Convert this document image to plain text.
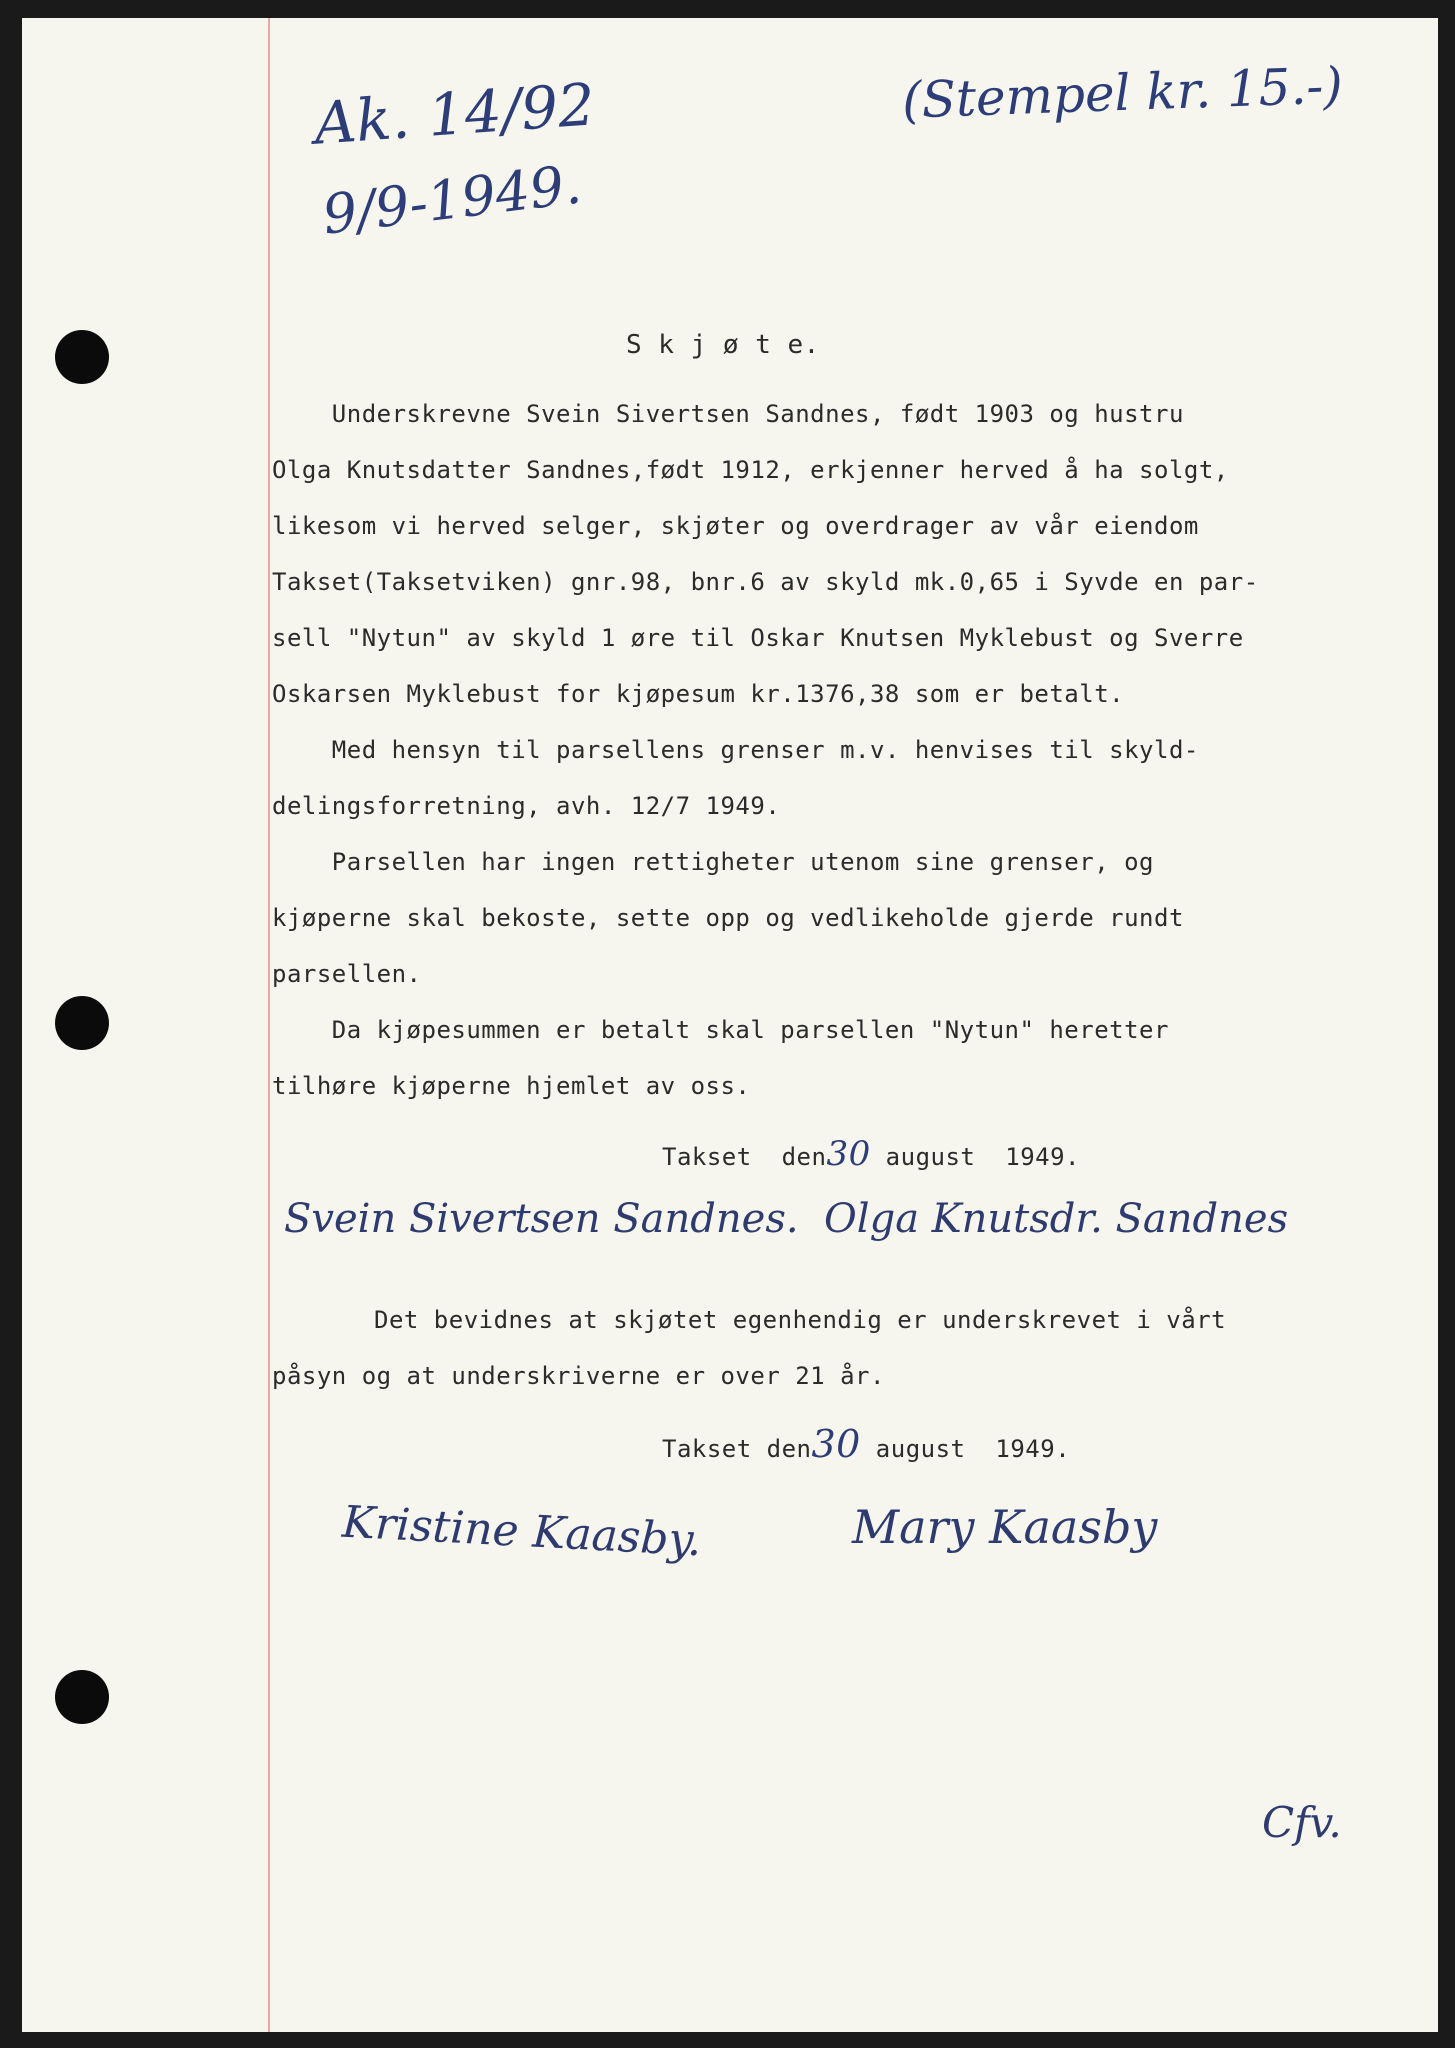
Ak. 14/92
9/9-1949.
(Stempel kr. 15.-)
S k j ø t e.
Underskrevne Svein Sivertsen Sandnes, født 1903 og hustru
Olga Knutsdatter Sandnes,født 1912, erkjenner herved å ha solgt,
likesom vi herved selger, skjøter og overdrager av vår eiendom
Takset(Taksetviken) gnr.98, bnr.6 av skyld mk.0,65 i Syvde en par-
sell "Nytun" av skyld 1 øre til Oskar Knutsen Myklebust og Sverre
Oskarsen Myklebust for kjøpesum kr.1376,38 som er betalt.
Med hensyn til parsellens grenser m.v. henvises til skyld-
delingsforretning, avh. 12/7 1949.
Parsellen har ingen rettigheter utenom sine grenser, og
kjøperne skal bekoste, sette opp og vedlikeholde gjerde rundt
parsellen.
Da kjøpesummen er betalt skal parsellen "Nytun" heretter
tilhøre kjøperne hjemlet av oss.
Takset  den30 august  1949.
Svein Sivertsen Sandnes.  Olga Knutsdr. Sandnes
Det bevidnes at skjøtet egenhendig er underskrevet i vårt
påsyn og at underskriverne er over 21 år.
Takset den30 august  1949.
Kristine Kaasby.	Mary Kaasby
Cfv.
